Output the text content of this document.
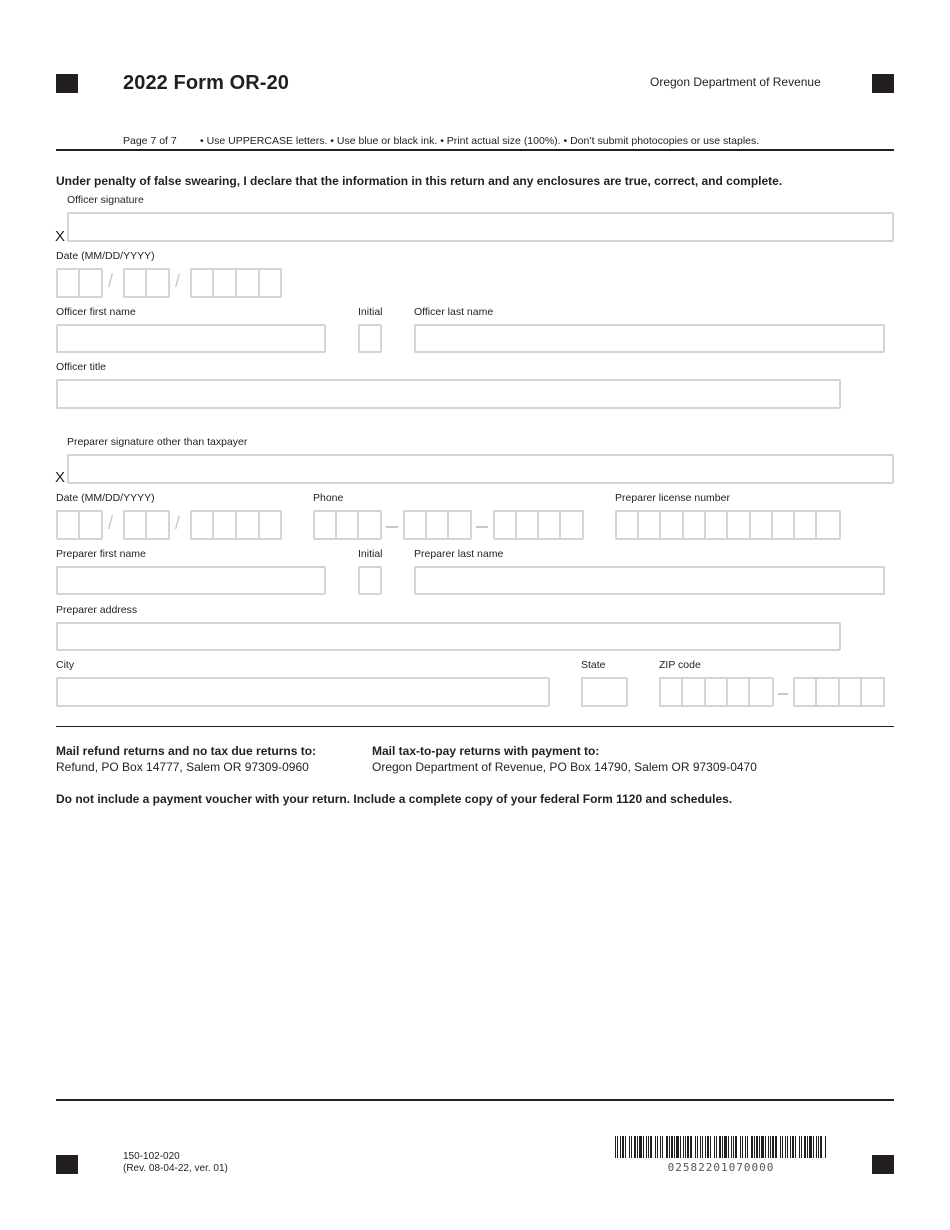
2022 Form OR-20	Oregon Department of Revenue
Page 7 of 7 • Use UPPERCASE letters. • Use blue or black ink. • Print actual size (100%). • Don’t submit photocopies or use staples.
Under penalty of false swearing, I declare that the information in this return and any enclosures are true, correct, and complete.
Officer signature
X
Date (MM/DD/YYYY)
/	/
Officer first name	Initial	Officer last name
Officer title
Preparer signature other than taxpayer
X
Date (MM/DD/YYYY)
/	/
Phone	Preparer license number
Preparer first name	Initial	Preparer last name
Preparer address
City	State	ZIP code
Mail refund returns and no tax due returns to:
Refund, PO Box 14777, Salem OR 97309-0960
Mail tax-to-pay returns with payment to:
Oregon Department of Revenue, PO Box 14790, Salem OR 97309-0470
Do not include a payment voucher with your return. Include a complete copy of your federal Form 1120 and schedules.
150-102-020
(Rev. 08-04-22, ver. 01)	02582201070000
